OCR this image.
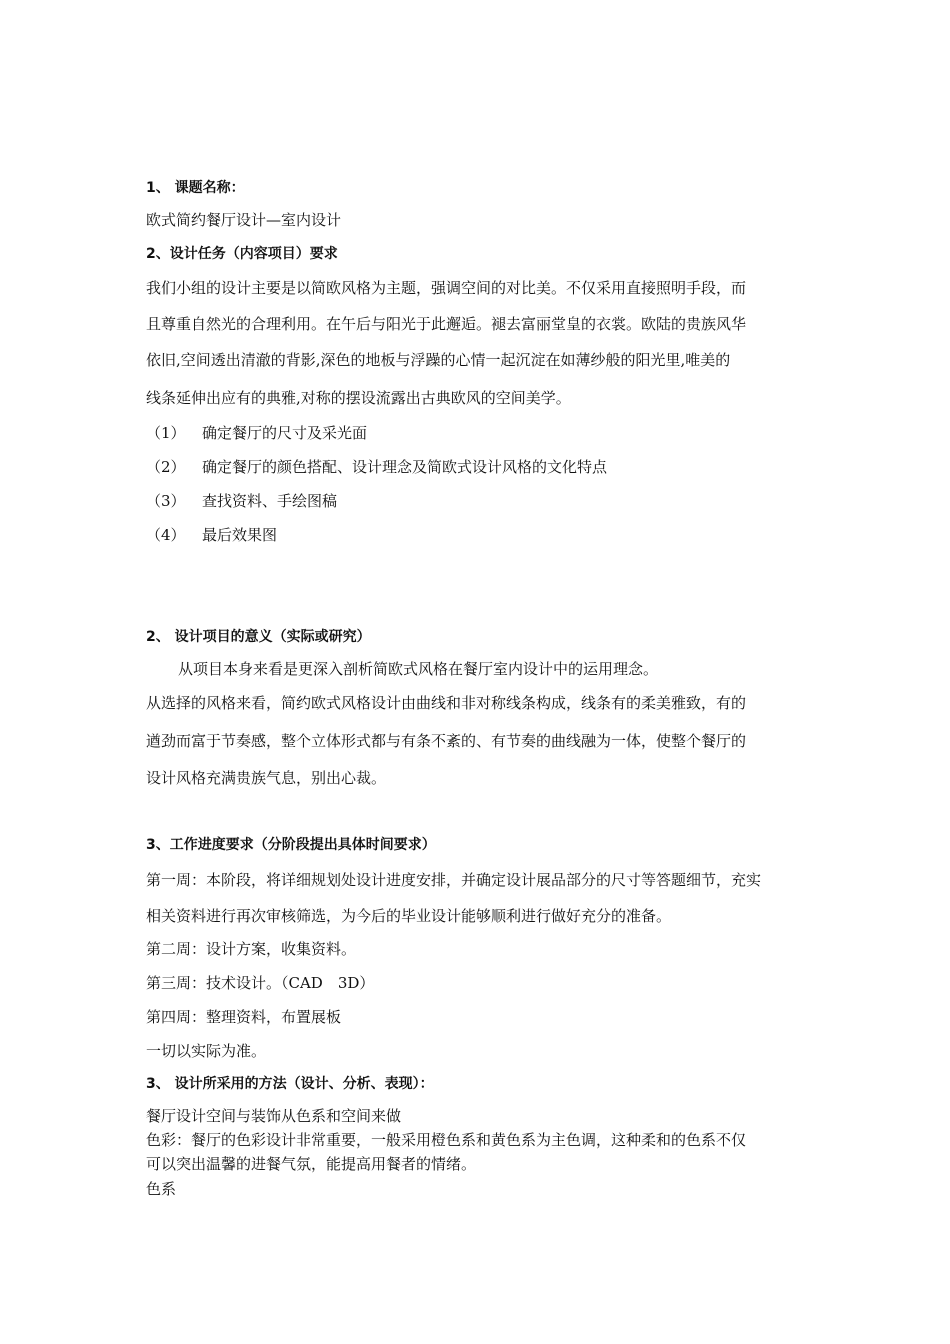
1、 课题名称：
欧式简约餐厅设计—室内设计
2、设计任务（内容项目）要求
我们小组的设计主要是以简欧风格为主题，强调空间的对比美。不仅采用直接照明手段，而
且尊重自然光的合理利用。在午后与阳光于此邂逅。褪去富丽堂皇的衣裳。欧陆的贵族风华
依旧,空间透出清澈的背影,深色的地板与浮躁的心情一起沉淀在如薄纱般的阳光里,唯美的
线条延伸出应有的典雅,对称的摆设流露出古典欧风的空间美学。
（1） 确定餐厅的尺寸及采光面
（2） 确定餐厅的颜色搭配、设计理念及简欧式设计风格的文化特点
（3） 查找资料、手绘图稿
（4） 最后效果图
2、 设计项目的意义（实际或研究）
从项目本身来看是更深入剖析简欧式风格在餐厅室内设计中的运用理念。
从选择的风格来看，简约欧式风格设计由曲线和非对称线条构成，线条有的柔美雅致，有的
遒劲而富于节奏感，整个立体形式都与有条不紊的、有节奏的曲线融为一体，使整个餐厅的
设计风格充满贵族气息，别出心裁。
3、工作进度要求（分阶段提出具体时间要求）
第一周：本阶段，将详细规划处设计进度安排，并确定设计展品部分的尺寸等答题细节，充实
相关资料进行再次审核筛选，为今后的毕业设计能够顺利进行做好充分的准备。
第二周：设计方案，收集资料。
第三周：技术设计。（CAD　3D）
第四周：整理资料，布置展板
一切以实际为准。
3、 设计所采用的方法（设计、分析、表现）：
餐厅设计空间与装饰从色系和空间来做
色彩：餐厅的色彩设计非常重要，一般采用橙色系和黄色系为主色调，这种柔和的色系不仅
可以突出温馨的进餐气氛，能提高用餐者的情绪。
色系
